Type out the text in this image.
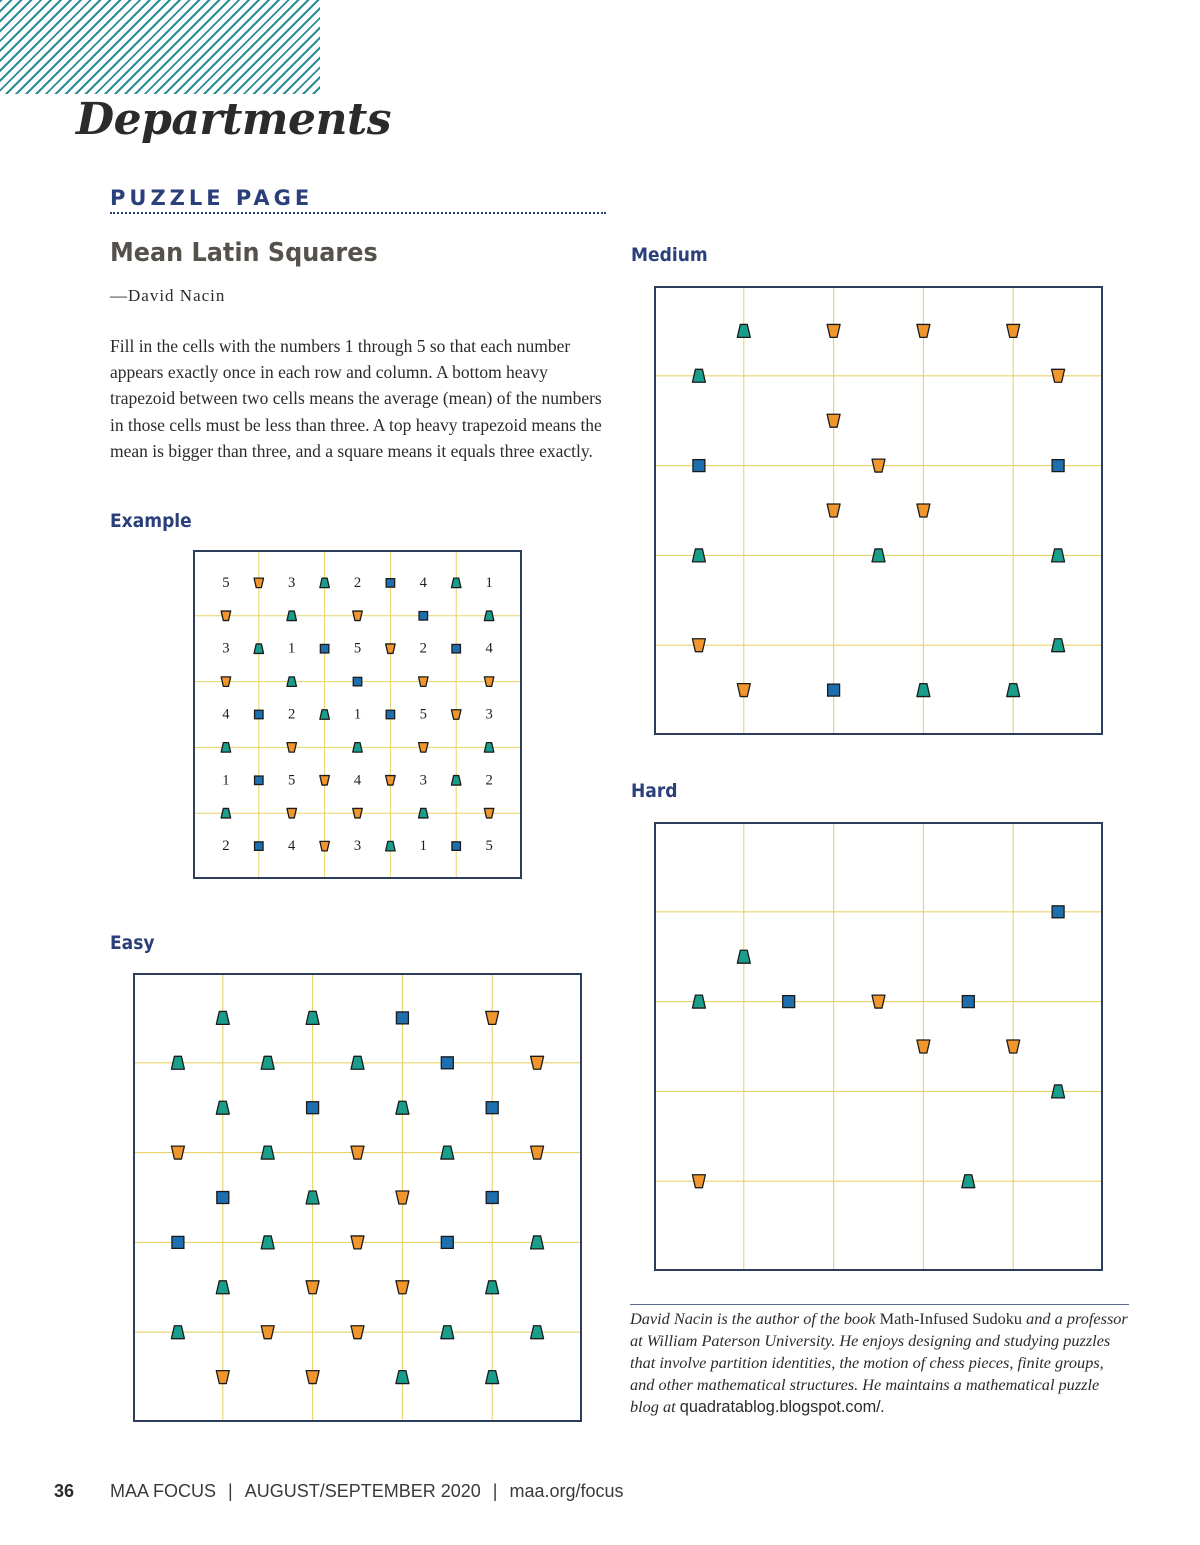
Departments
PUZZLE PAGE
Mean Latin Squares
—David Nacin
Fill in the cells with the numbers 1 through 5 so that each number appears exactly once in each row and column. A bottom heavy trapezoid between two cells means the average (mean) of the numbers in those cells must be less than three. A top heavy trapezoid means the mean is bigger than three, and a square means it equals three exactly.
Example
Easy
Medium
Hard
5	3	2	4	1
3	1	5	2	4
4	2	1	5	3
1	5	4	3	2
2	4	3	1	5
David Nacin is the author of the book Math-Infused Sudoku and a professor at William Paterson University. He enjoys designing and studying puzzles that involve partition identities, the motion of chess pieces, finite groups, and other mathematical structures. He maintains a mathematical puzzle blog at quadratablog.blogspot.com/.
36 MAA FOCUS | AUGUST/SEPTEMBER 2020 | maa.org/focus
